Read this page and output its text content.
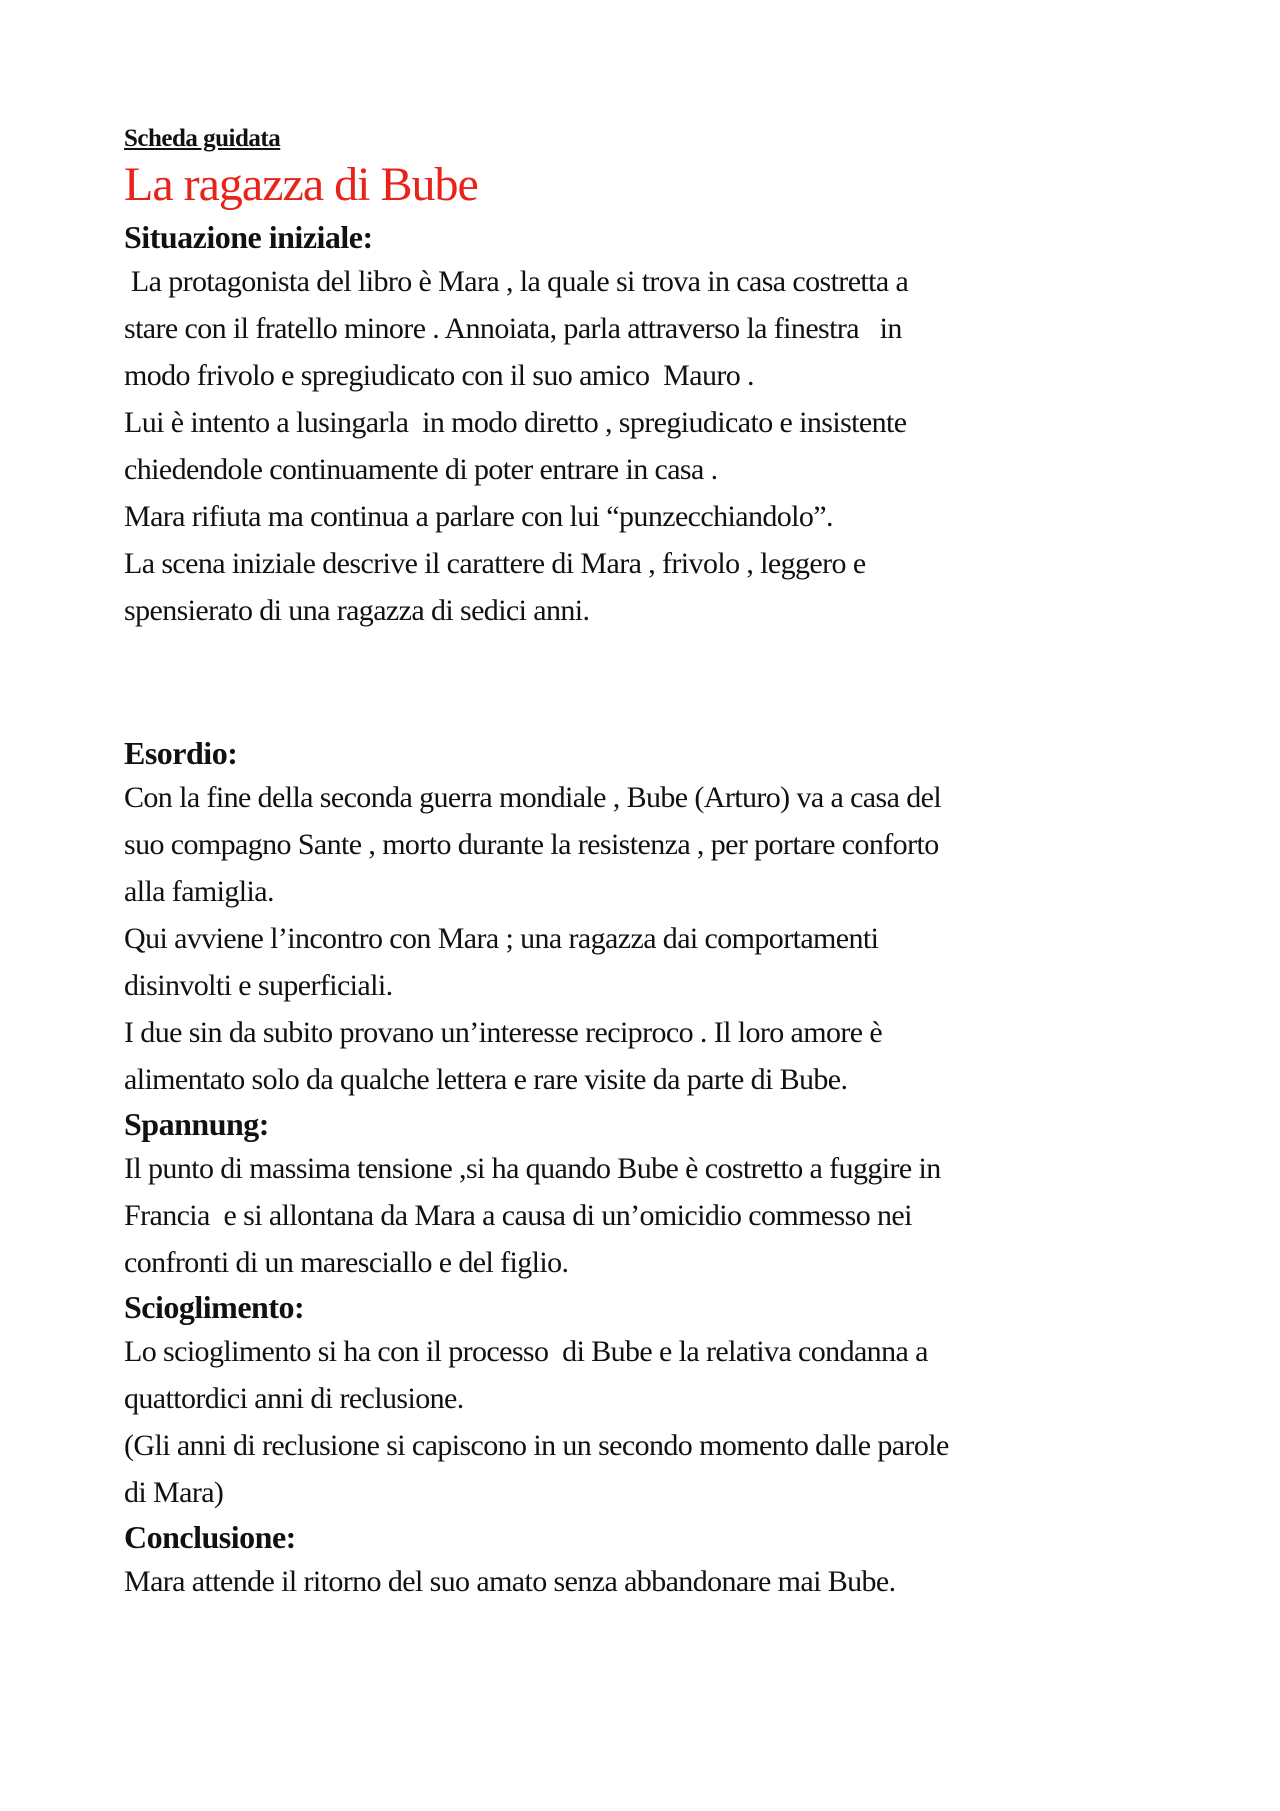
Scheda guidata

La ragazza di Bube
Situazione iniziale:
La protagonista del libro è Mara , la quale si trova in casa costretta a
stare con il fratello minore . Annoiata, parla attraverso la finestra   in
modo frivolo e spregiudicato con il suo amico  Mauro .
Lui è intento a lusingarla  in modo diretto , spregiudicato e insistente
chiedendole continuamente di poter entrare in casa .
Mara rifiuta ma continua a parlare con lui “punzecchiandolo”.
La scena iniziale descrive il carattere di Mara , frivolo , leggero e
spensierato di una ragazza di sedici anni.
Esordio:
Con la fine della seconda guerra mondiale , Bube (Arturo) va a casa del
suo compagno Sante , morto durante la resistenza , per portare conforto
alla famiglia.
Qui avviene l’incontro con Mara ; una ragazza dai comportamenti
disinvolti e superficiali.
I due sin da subito provano un’interesse reciproco . Il loro amore è
alimentato solo da qualche lettera e rare visite da parte di Bube.
Spannung:
Il punto di massima tensione ,si ha quando Bube è costretto a fuggire in
Francia  e si allontana da Mara a causa di un’omicidio commesso nei
confronti di un maresciallo e del figlio.
Scioglimento:
Lo scioglimento si ha con il processo  di Bube e la relativa condanna a
quattordici anni di reclusione.
(Gli anni di reclusione si capiscono in un secondo momento dalle parole
di Mara)
Conclusione:
Mara attende il ritorno del suo amato senza abbandonare mai Bube.
